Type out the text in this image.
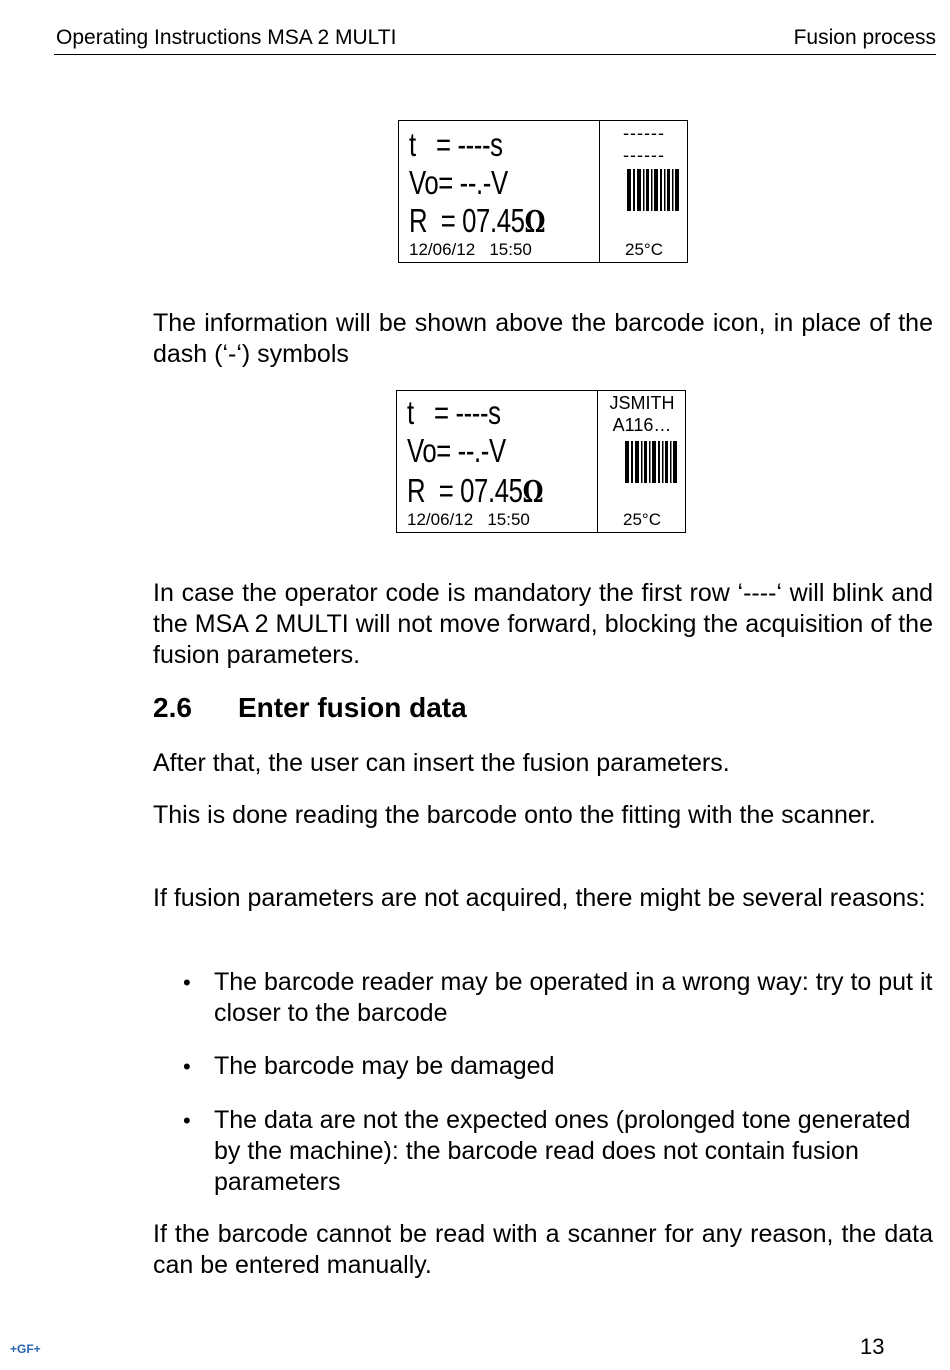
Operating Instructions MSA 2 MULTI	Fusion process
t   = ----s
Vo= --.-V
R  = 07.45Ω
12/06/12   15:50
------
------
25°C
The information will be shown above the barcode icon, in place of the dash (‘-‘) symbols
t   = ----s
Vo= --.-V
R  = 07.45Ω
12/06/12   15:50
JSMITH
A116…
25°C
In case the operator code is mandatory the first row ‘----‘ will blink and the MSA 2 MULTI will not move forward, blocking the acquisition of the fusion parameters.
2.6 Enter fusion data
After that, the user can insert the fusion parameters.
This is done reading the barcode onto the fitting with the scanner.
If fusion parameters are not acquired, there might be several reasons:
• The barcode reader may be operated in a wrong way: try to put it closer to the barcode
• The barcode may be damaged
• The data are not the expected ones (prolonged tone generated by the machine): the barcode read does not contain fusion parameters
If the barcode cannot be read with a scanner for any reason, the data can be entered manually.
+GF+	13
